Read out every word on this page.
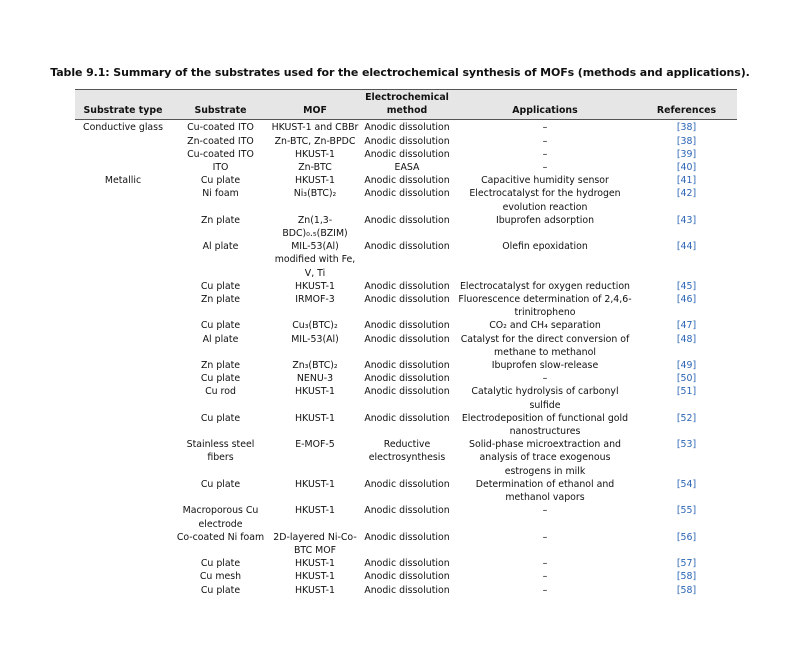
Table 9.1: Summary of the substrates used for the electrochemical synthesis of MOFs (methods and applications).
			Electrochemical		
Substrate type	Substrate	MOF	method	Applications	References
Conductive glass	Cu-coated ITO	HKUST-1 and CBBr	Anodic dissolution	–	[38]
	Zn-coated ITO	Zn-BTC, Zn-BPDC	Anodic dissolution	–	[38]
	Cu-coated ITO	HKUST-1	Anodic dissolution	–	[39]
	ITO	Zn-BTC	EASA	–	[40]
Metallic	Cu plate	HKUST-1	Anodic dissolution	Capacitive humidity sensor	[41]
	Ni foam	Ni₃(BTC)₂	Anodic dissolution	Electrocatalyst for the hydrogen evolution reaction	[42]
	Zn plate	Zn(1,3-BDC)₀.₅(BZIM)	Anodic dissolution	Ibuprofen adsorption	[43]
	Al plate	MIL-53(Al) modified with Fe, V, Ti	Anodic dissolution	Olefin epoxidation	[44]
	Cu plate	HKUST-1	Anodic dissolution	Electrocatalyst for oxygen reduction	[45]
	Zn plate	IRMOF-3	Anodic dissolution	Fluorescence determination of 2,4,6-trinitropheno	[46]
	Cu plate	Cu₃(BTC)₂	Anodic dissolution	CO₂ and CH₄ separation	[47]
	Al plate	MIL-53(Al)	Anodic dissolution	Catalyst for the direct conversion of methane to methanol	[48]
	Zn plate	Zn₃(BTC)₂	Anodic dissolution	Ibuprofen slow-release	[49]
	Cu plate	NENU-3	Anodic dissolution	–	[50]
	Cu rod	HKUST-1	Anodic dissolution	Catalytic hydrolysis of carbonyl sulfide	[51]
	Cu plate	HKUST-1	Anodic dissolution	Electrodeposition of functional gold nanostructures	[52]
	Stainless steel fibers	E-MOF-5	Reductive electrosynthesis	Solid-phase microextraction and analysis of trace exogenous estrogens in milk	[53]
	Cu plate	HKUST-1	Anodic dissolution	Determination of ethanol and methanol vapors	[54]
	Macroporous Cu electrode	HKUST-1	Anodic dissolution	–	[55]
	Co-coated Ni foam	2D-layered Ni-Co-BTC MOF	Anodic dissolution	–	[56]
	Cu plate	HKUST-1	Anodic dissolution	–	[57]
	Cu mesh	HKUST-1	Anodic dissolution	–	[58]
	Cu plate	HKUST-1	Anodic dissolution	–	[58]
